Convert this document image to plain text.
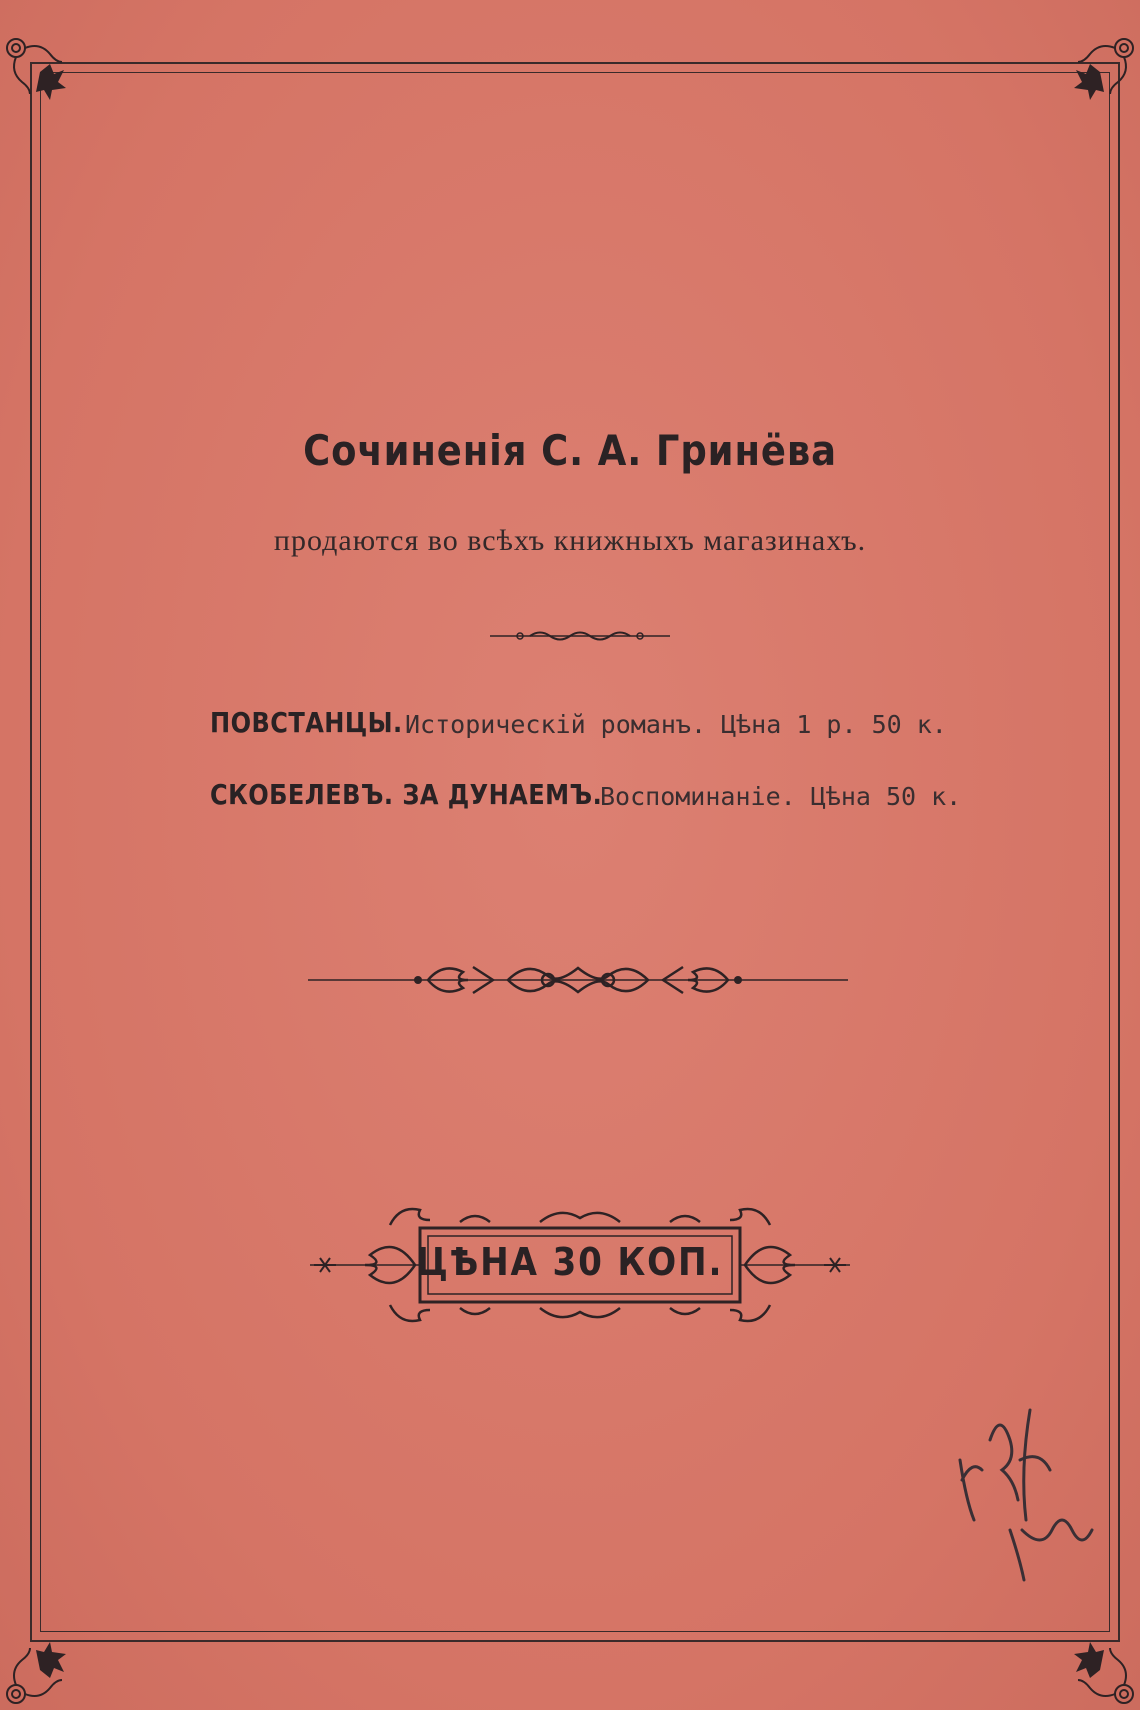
Сочиненія С. А. Гринёва
продаются во всѣхъ книжныхъ магазинахъ.
ПОВСТАНЦЫ. Историческій романъ. Цѣна 1 р. 50 к.
СКОБЕЛЕВЪ. ЗА ДУНАЕМЪ.
Воспоминаніе. Цѣна 50 к.
ЦѢНА 30 КОП.
